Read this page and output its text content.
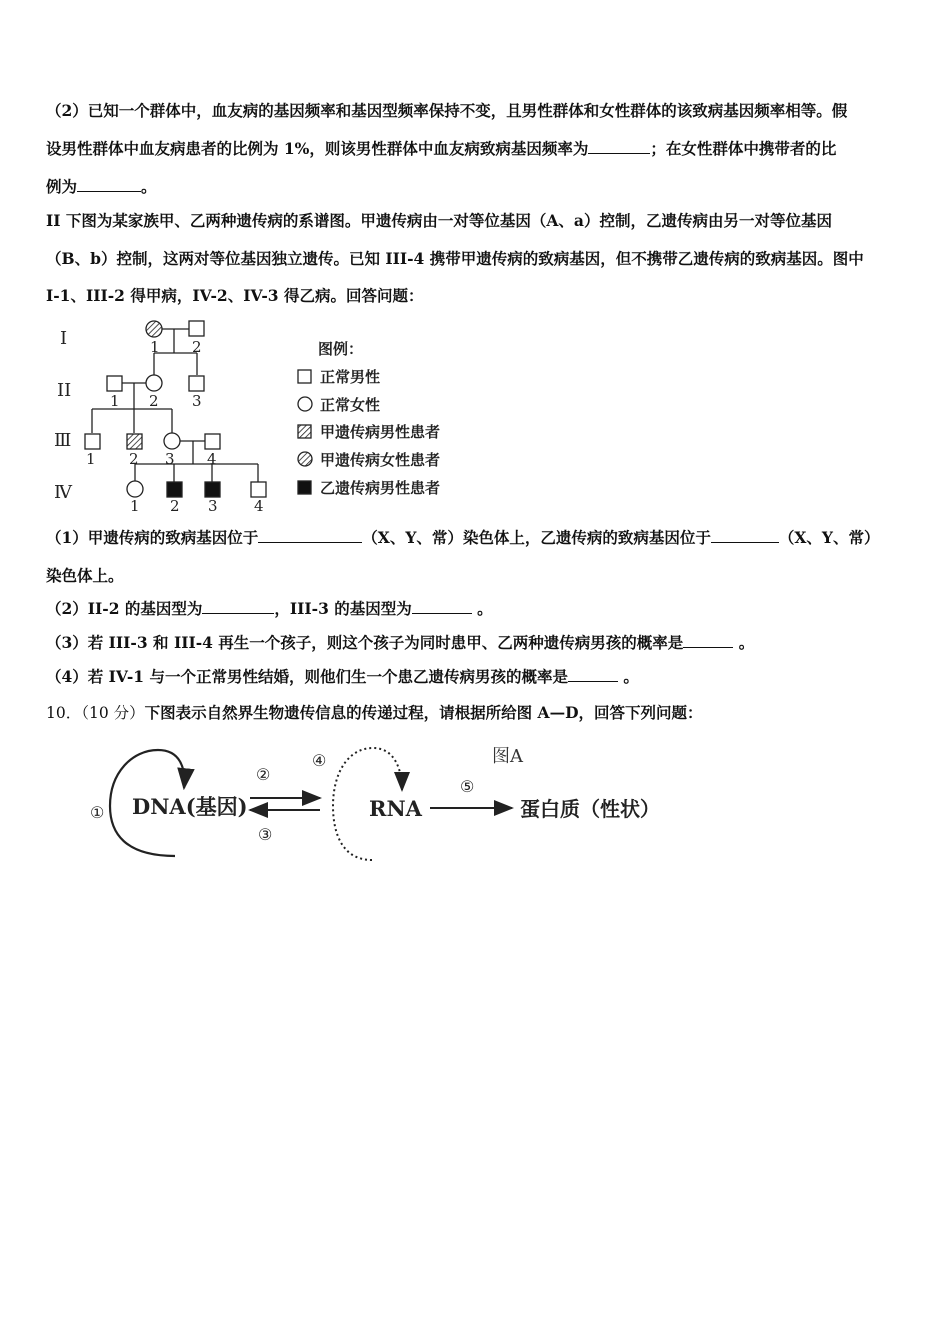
（2）已知一个群体中，血友病的基因频率和基因型频率保持不变，且男性群体和女性群体的该致病基因频率相等。假
设男性群体中血友病患者的比例为 1%，则该男性群体中血友病致病基因频率为	；在女性群体中携带者的比
例为	。
II 下图为某家族甲、乙两种遗传病的系谱图。甲遗传病由一对等位基因（A、a）控制，乙遗传病由另一对等位基因
（B、b）控制，这两对等位基因独立遗传。已知 III-4 携带甲遗传病的致病基因，但不携带乙遗传病的致病基因。图中
I-1、III-2 得甲病，IV-2、IV-3 得乙病。回答问题：
I
II
Ⅲ
Ⅳ
1 2
1 2 3
1 2 3 4
1 2 3 4
图例：
正常男性
正常女性
甲遗传病男性患者
甲遗传病女性患者
乙遗传病男性患者
（1）甲遗传病的致病基因位于	（X、Y、常）染色体上，乙遗传病的致病基因位于	（X、Y、常）
染色体上。
（2）II-2 的基因型为	，III-3 的基因型为	。
（3）若 III-3 和 III-4 再生一个孩子，则这个孩子为同时患甲、乙两种遗传病男孩的概率是	。
（4）若 IV-1 与一个正常男性结婚，则他们生一个患乙遗传病男孩的概率是	。
10．（10 分）下图表示自然界生物遗传信息的传递过程，请根据所给图 A—D，回答下列问题：
图A
① DNA(基因)
②
③
④
RNA
⑤
蛋白质（性状）
